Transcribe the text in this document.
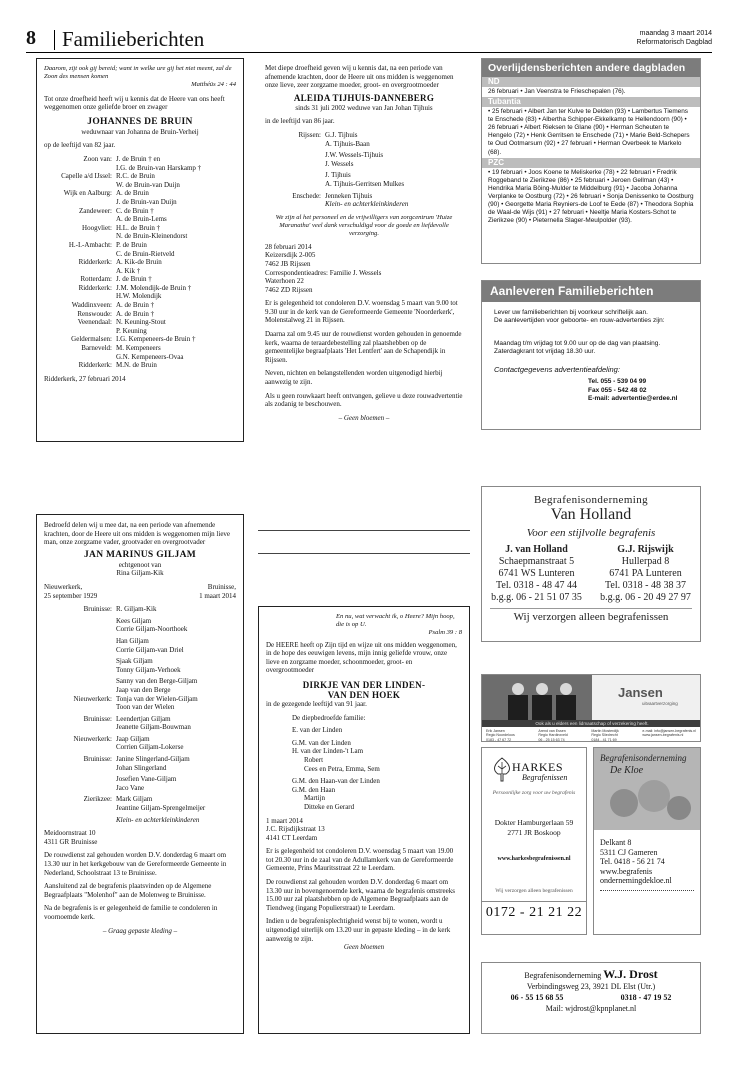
8 Familieberichten	maandag 3 maart 2014
Reformatorisch Dagblad

Daarom, zijt ook gij bereid; want in welke ure gij het niet meent, zal de Zoon des mensen komen

Matthéüs 24 : 44

Tot onze droefheid heeft wij u kennis dat de Heere van ons heeft weggenomen onze geliefde broer en zwager

JOHANNES DE BRUIN

weduwnaar van Johanna de Bruin-Verheij

op de leeftijd van 82 jaar.

Zoon van: J. de Bruin † en
I.G. de Bruin-van Harskamp †
Capelle a/d IJssel: R.C. de Bruin
W. de Bruin-van Duijn
Wijk en Aalburg: A. de Bruin
J. de Bruin-van Duijn
Zandeweer: C. de Bruin †
A. de Bruin-Lems
Hoogvliet: H.L. de Bruin †
N. de Bruin-Kleinendorst
H.-I.-Ambacht: P. de Bruin
C. de Bruin-Rietveld
Ridderkerk: A. Kik-de Bruin
A. Kik †
Rotterdam: J. de Bruin †
Ridderkerk: J.M. Molendijk-de Bruin †
H.W. Molendijk
Waddinxveen: A. de Bruin †
Renswoude: A. de Bruin †
Veenendaal: N. Keuning-Stout
P. Keuning
Geldermalsen: I.G. Kempeneers-de Bruin †
Barneveld: M. Kempeneers
G.N. Kempeneers-Ovaa
Ridderkerk: M.N. de Bruin

Ridderkerk, 27 februari 2014

Met diepe droefheid geven wij u kennis dat, na een periode van afnemende krachten, door de Heere uit ons midden is weggenomen onze lieve, zeer zorgzame moeder, groot- en overgrootmoeder

ALEIDA TIJHUIS-DANNEBERG

sinds 31 juli 2002 weduwe van Jan Johan Tijhuis

in de leeftijd van 86 jaar.

Rijssen: G.J. Tijhuis
A. Tijhuis-Baan
J.W. Wessels-Tijhuis
J. Wessels
J. Tijhuis
A. Tijhuis-Gerritsen Mulkes
Enschede: Jenneken Tijhuis
Klein- en achterkleinkinderen

We zijn al het personeel en de vrijwilligers van zorgcentrum 'Huize Maranatha' veel dank verschuldigd voor de goede en liefdevolle verzorging.

28 februari 2014
Keizersdijk 2-005
7462 JB Rijssen
Correspondentieadres: Familie J. Wessels
Waterhoen 22
7462 ZD Rijssen

Er is gelegenheid tot condoleren D.V. woensdag 5 maart van 9.00 tot 9.30 uur in de kerk van de Gereformeerde Gemeente 'Noorderkerk', Molenstalweg 21 in Rijssen.

Daarna zal om 9.45 uur de rouwdienst worden gehouden in genoemde kerk, waarna de teraardebestelling zal plaatshebben op de gemeentelijke begraafplaats 'Het Lentfert' aan de Schapendijk in Rijssen.

Neven, nichten en belangstellenden worden uitgenodigd hierbij aanwezig te zijn.

Als u geen rouwkaart heeft ontvangen, gelieve u deze rouwadvertentie als zodanig te beschouwen.

– Geen bloemen –

Bedroefd delen wij u mee dat, na een periode van afnemende krachten, door de Heere uit ons midden is weggenomen mijn lieve man, onze zorgzame vader, grootvader en overgrootvader

JAN MARINUS GILJAM

echtgenoot van

Rina Giljam-Kik

Nieuwerkerk,
25 september 1929
Bruinisse,
1 maart 2014
Bruinisse: R. Giljam-Kik
Kees Giljam
Corrie Giljam-Noorthoek
Han Giljam
Corrie Giljam-van Driel
Sjaak Giljam
Tonny Giljam-Verhoek
Sanny van den Berge-Giljam
Jaap van den Berge
Nieuwerkerk: Tonja van der Wielen-Giljam
Toon van der Wielen
Bruinisse: Leendertjan Giljam
Jeanette Giljam-Bouwman
Nieuwerkerk: Jaap Giljam
Corrien Giljam-Lokerse
Bruinisse: Janine Slingerland-Giljam
Johan Slingerland
Josefien Vane-Giljam
Jaco Vane
Zierikzee: Mark Giljam
Jeantine Giljam-Sprengelmeijer
Klein- en achterkleinkinderen
Meidoornstraat 10
4311 GR Bruinisse

De rouwdienst zal gehouden worden D.V. donderdag 6 maart om 13.30 uur in het kerkgebouw van de Gereformeerde Gemeente in Nederland, Schoolstraat 13 te Bruinisse.

Aansluitend zal de begrafenis plaatsvinden op de Algemene Begraafplaats "Molenhof" aan de Molenweg te Bruinisse.

Na de begrafenis is er gelegenheid de familie te condoleren in voornoemde kerk.

– Graag gepaste kleding –

En nu, wat verwacht ik, o Heere? Mijn hoop, die is op U.

Psalm 39 : 8

De HEERE heeft op Zijn tijd en wijze uit ons midden weggenomen, in de hope des eeuwigen levens, mijn innig geliefde vrouw, onze lieve en zorgzame moeder, schoonmoeder, groot- en overgrootmoeder

DIRKJE VAN DER LINDEN-

VAN DEN HOEK

in de gezegende leeftijd van 91 jaar.

De diepbedroefde familie:
E. van der Linden
G.M. van der Linden
H. van der Linden-'t Lam
Robert
Cees en Petra, Emma, Sem
G.M. den Haan-van der Linden
G.M. den Haan
Martijn
Ditteke en Gerard
1 maart 2014
J.C. Rijsdijkstraat 13
4141 CT Leerdam

Er is gelegenheid tot condoleren D.V. woensdag 5 maart van 19.00 tot 20.30 uur in de zaal van de Adullamkerk van de Gereformeerde Gemeente, Prins Mauritsstraat 22 te Leerdam.

De rouwdienst zal gehouden worden D.V. donderdag 6 maart om 13.30 uur in bovengenoemde kerk, waarna de begrafenis omstreeks 15.00 uur zal plaatshebben op de Algemene Begraafplaats aan de Tiendweg (ingang Populierstraat) te Leerdam.

Indien u de begrafenisplechtigheid wenst bij te wonen, wordt u uitgenodigd uiterlijk om 13.20 uur in gepaste kleding – in de kerk aanwezig te zijn.

Geen bloemen

Overlijdensberichten andere dagbladen
ND
26 februari • Jan Veenstra te Frieschepalen (76).
Tubantia
• 25 februari • Albert Jan ter Kulve te Delden (93) • Lambertus Tiemens te Enschede (83) • Albertha Schipper-Ekkelkamp te Hellendoorn (90) • 26 februari • Albert Rieksen te Glane (90) • Herman Scheuten te Hengelo (72) • Henk Gerritsen te Enschede (71) • Marie Beld-Schepers te Oud Ootmarsum (92) • 27 februari • Herman Overbeek te Markelo (68).
PZC
• 19 februari • Joos Koene te Meliskerke (78) • 22 februari • Fredrik Roggeband te Zierikzee (86) • 25 februari • Jeroen Gellman (43) • Hendrika Maria Böing-Mulder te Middelburg (91) • Jacoba Johanna Verplanke te Oostburg (72) • 26 februari • Sonja Denissenko te Oostburg (90) • Georgette Maria Reyniers-de Loof te Eede (87) • Theodora Sophia de Waal-de Wijs (91) • 27 februari • Neeltje Maria Kosters-Schot te Zierikzee (90) • Pieternella Slager-Meulpolder (93).
Aanleveren Familieberichten
Lever uw familieberichten bij voorkeur schriftelijk aan.
De aanlevertijden voor geboorte- en rouw-advertenties zijn:
Maandag t/m vrijdag tot 9.00 uur op de dag van plaatsing.
Zaterdagkrant tot vrijdag 18.30 uur.
Contactgegevens advertentieafdeling:
Tel. 055 - 539 04 99
Fax 055 - 542 48 02
E-mail: advertentie@erdee.nl
Begrafenisonderneming
Van Holland
Voor een stijlvolle begrafenis
J. van Holland
Schaepmanstraat 5
6741 WS Lunteren
Tel. 0318 - 48 47 44
b.g.g. 06 - 21 51 07 35
G.J. Rijswijk
Hullerpad 8
6741 PA Lunteren
Tel. 0318 - 48 38 37
b.g.g. 06 - 20 49 27 97
Wij verzorgen alleen begrafenissen
Jansen
uitvaartverzorging
Ook als u elders een lidmaatschap of verzekering heeft.
Erik Jansen
Regio Noordeloos
0183 - 47 67 72
Arend van Essen
Regio Hardinxveld
06 - 25 15 63 74
Martin Mosterdijk
Regio Sliedrecht
0184 - 41 71 69
e-mail: info@jansen-begrafenis.nl
www.jansen-begrafenis.nl
HARKES
Begrafenissen
Persoonlijke zorg voor uw begrafenis
Dokter Hamburgerlaan 59
2771 JR Boskoop
www.harkesbegrafenissen.nl
Wij verzorgen alleen begrafenissen
0172 - 21 21 22
Begrafenisonderneming
De Kloe
Delkant 8
5311 CJ Gameren
Tel. 0418 - 56 21 74
www.begrafenis
ondernemingdekloe.nl
Begrafenisonderneming W.J. Drost
Verbindingsweg 23, 3921 DL Elst (Utr.)
06 - 55 15 68 55	0318 - 47 19 52
Mail: wjdrost@kpnplanet.nl
